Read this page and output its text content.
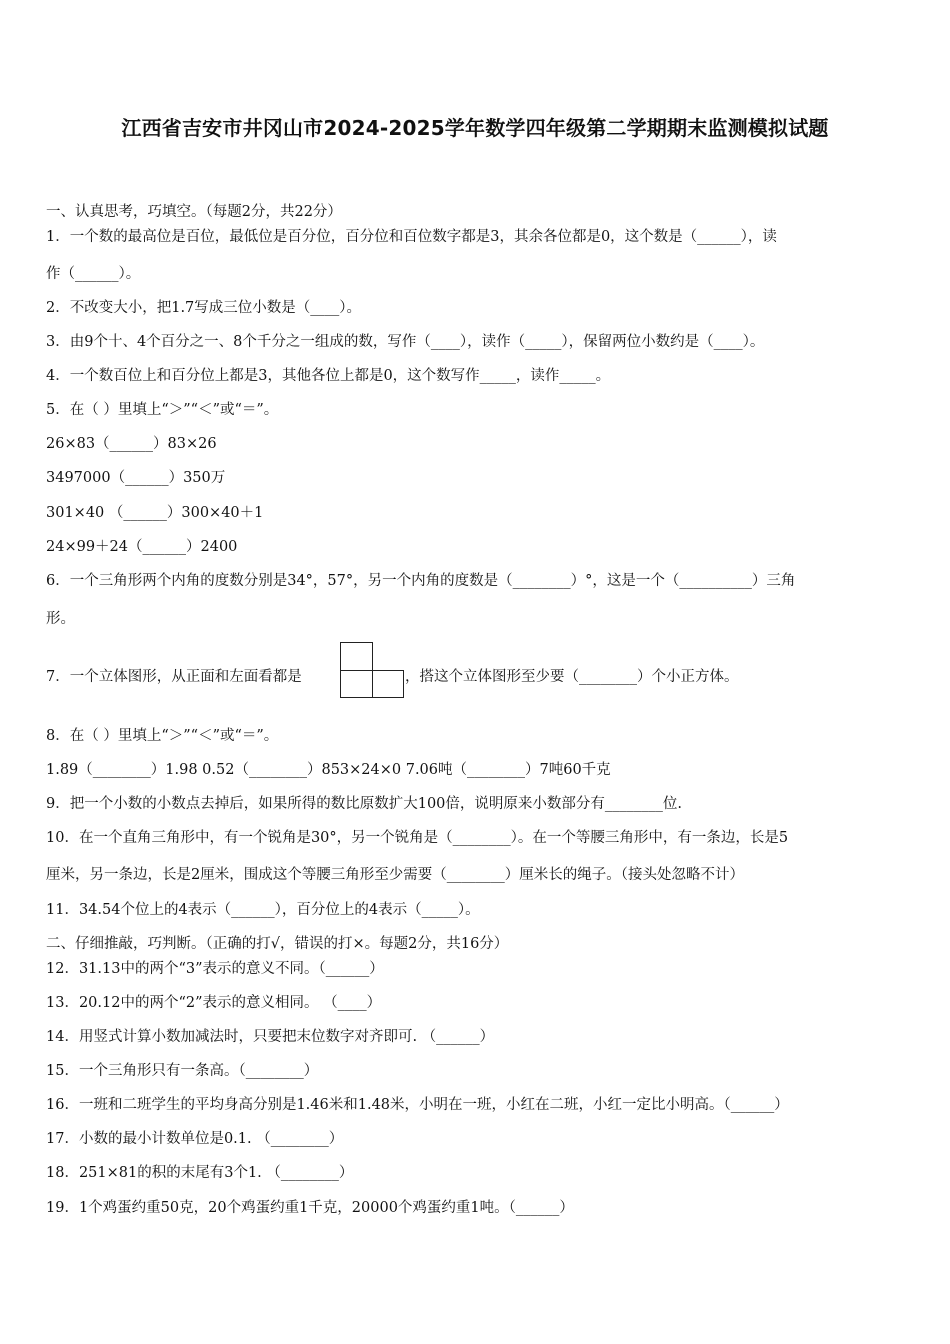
江西省吉安市井冈山市2024-2025学年数学四年级第二学期期末监测模拟试题
一、认真思考，巧填空。（每题2分，共22分）
1．一个数的最高位是百位，最低位是百分位，百分位和百位数字都是3，其余各位都是0，这个数是（______），读
作（______）。
2．不改变大小，把1.7写成三位小数是（____）。
3．由9个十、4个百分之一、8个千分之一组成的数，写作（____），读作（_____），保留两位小数约是（____）。
4．一个数百位上和百分位上都是3，其他各位上都是0，这个数写作_____，读作_____。
5．在（ ）里填上“＞”“＜”或“＝”。
26×83（______）83×26
3497000（______）350万
301×40 （______）300×40＋1
24×99＋24（______）2400
6．一个三角形两个内角的度数分别是34°，57°，另一个内角的度数是（________）°，这是一个（__________）三角
形。
7．一个立体图形，从正面和左面看都是	，搭这个立体图形至少要（________）个小正方体。
8．在（ ）里填上“＞”“＜”或“＝”。
1.89（________）1.98 0.52（________）853×24×0 7.06吨（________）7吨60千克
9．把一个小数的小数点去掉后，如果所得的数比原数扩大100倍，说明原来小数部分有________位.
10．在一个直角三角形中，有一个锐角是30°，另一个锐角是（________）。在一个等腰三角形中，有一条边，长是5
厘米，另一条边，长是2厘米，围成这个等腰三角形至少需要（________）厘米长的绳子。（接头处忽略不计）
11．34.54个位上的4表示（______），百分位上的4表示（_____）。
二、仔细推敲，巧判断。（正确的打√，错误的打×。每题2分，共16分）
12．31.13中的两个“3”表示的意义不同。（______）
13．20.12中的两个“2”表示的意义相同。 （____）
14．用竖式计算小数加减法时，只要把末位数字对齐即可. （______）
15．一个三角形只有一条高。（________）
16．一班和二班学生的平均身高分别是1.46米和1.48米，小明在一班，小红在二班，小红一定比小明高。（______）
17．小数的最小计数单位是0.1. （________）
18．251×81的积的末尾有3个1. （________）
19．1个鸡蛋约重50克，20个鸡蛋约重1千克，20000个鸡蛋约重1吨。（______）
